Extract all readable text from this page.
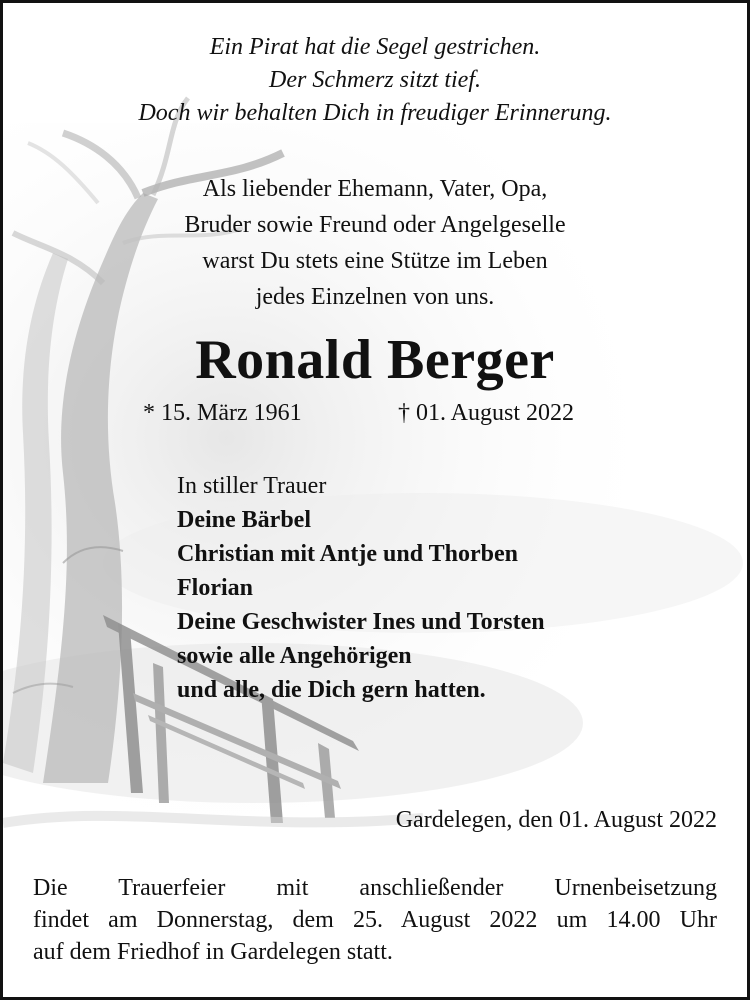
Ein Pirat hat die Segel gestrichen.
Der Schmerz sitzt tief.
Doch wir behalten Dich in freudiger Erinnerung.
Als liebender Ehemann, Vater, Opa,
Bruder sowie Freund oder Angelgeselle
warst Du stets eine Stütze im Leben
jedes Einzelnen von uns.
Ronald Berger
* 15. März 1961	† 01. August 2022
In stiller Trauer
Deine Bärbel
Christian mit Antje und Thorben
Florian
Deine Geschwister Ines und Torsten
sowie alle Angehörigen
und alle, die Dich gern hatten.
Gardelegen, den 01. August 2022
Die Trauerfeier mit anschließender Urnenbeisetzung
findet am Donnerstag, dem 25. August 2022 um 14.00 Uhr
auf dem Friedhof in Gardelegen statt.
